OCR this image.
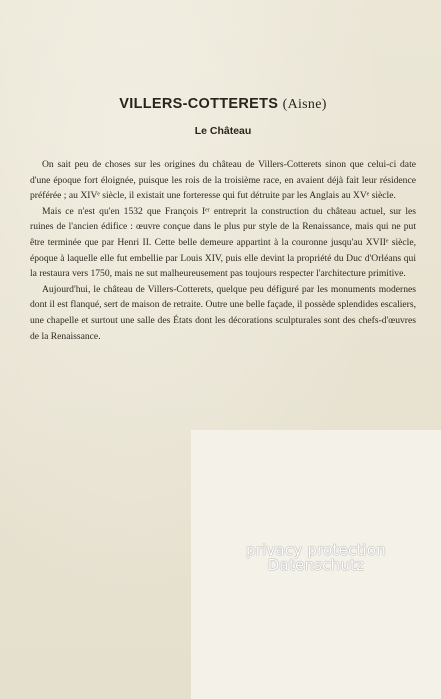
VILLERS-COTTERETS (Aisne)
Le Château

On sait peu de choses sur les origines du château de Villers-Cotterets sinon que celui-ci date d'une époque fort éloignée, puisque les rois de la troisième race, en avaient déjà fait leur résidence préférée ; au XIVᵉ siècle, il existait une forteresse qui fut détruite par les Anglais au XVᵉ siècle.

Mais ce n'est qu'en 1532 que François Iᵉʳ entreprit la construction du château actuel, sur les ruines de l'ancien édifice : œuvre conçue dans le plus pur style de la Renaissance, mais qui ne put être terminée que par Henri II. Cette belle demeure appartint à la couronne jusqu'au XVIIᵉ siècle, époque à laquelle elle fut embellie par Louis XIV, puis elle devint la propriété du Duc d'Orléans qui la restaura vers 1750, mais ne sut malheureusement pas toujours respecter l'architecture primitive.

Aujourd'hui, le château de Villers-Cotterets, quelque peu défiguré par les monuments modernes dont il est flanqué, sert de maison de retraite. Outre une belle façade, il possède splendides escaliers, une chapelle et surtout une salle des États dont les décorations sculpturales sont des chefs-d'œuvres de la Renaissance.

privacy protection
Datenschutz
